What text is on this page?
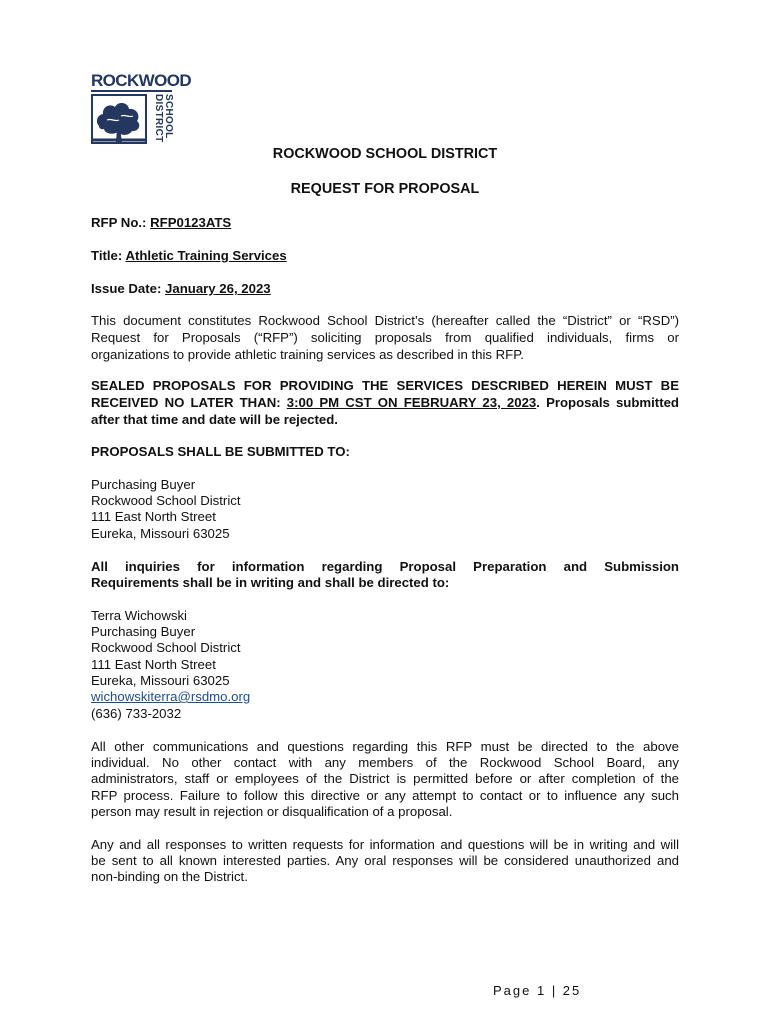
ROCKWOOD
SCHOOL DISTRICT
ROCKWOOD SCHOOL DISTRICT
REQUEST FOR PROPOSAL
RFP No.: RFP0123ATS
Title: Athletic Training Services
Issue Date: January 26, 2023
This document constitutes Rockwood School District’s (hereafter called the “District” or “RSD”)
Request for Proposals (“RFP”) soliciting proposals from qualified individuals, firms or
organizations to provide athletic training services as described in this RFP.
SEALED PROPOSALS FOR PROVIDING THE SERVICES DESCRIBED HEREIN MUST BE
RECEIVED NO LATER THAN: 3:00 PM CST ON FEBRUARY 23, 2023. Proposals submitted
after that time and date will be rejected.
PROPOSALS SHALL BE SUBMITTED TO:
Purchasing Buyer
Rockwood School District
111 East North Street
Eureka, Missouri 63025
All inquiries for information regarding Proposal Preparation and Submission
Requirements shall be in writing and shall be directed to:
Terra Wichowski
Purchasing Buyer
Rockwood School District
111 East North Street
Eureka, Missouri 63025
wichowskiterra@rsdmo.org
(636) 733-2032
All other communications and questions regarding this RFP must be directed to the above
individual. No other contact with any members of the Rockwood School Board, any
administrators, staff or employees of the District is permitted before or after completion of the
RFP process. Failure to follow this directive or any attempt to contact or to influence any such
person may result in rejection or disqualification of a proposal.
Any and all responses to written requests for information and questions will be in writing and will
be sent to all known interested parties. Any oral responses will be considered unauthorized and
non-binding on the District.
Page 1 | 25
